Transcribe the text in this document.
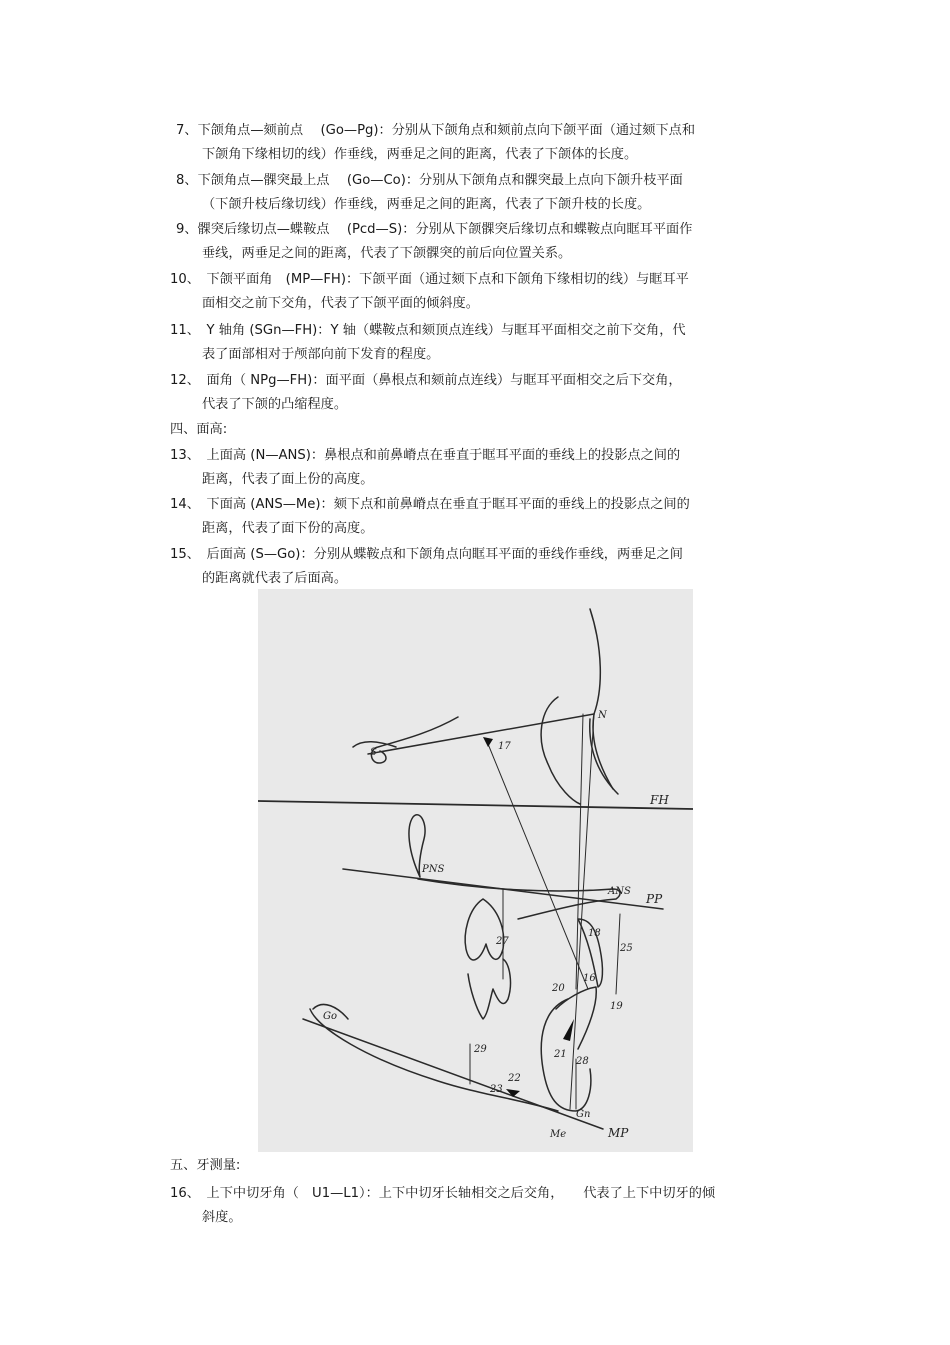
7、下颌角点—颏前点 　(Go—Pg)：分别从下颌角点和颏前点向下颌平面（通过颏下点和
下颌角下缘相切的线）作垂线，两垂足之间的距离，代表了下颌体的长度。
8、下颌角点—髁突最上点 　(Go—Co)：分别从下颌角点和髁突最上点向下颌升枝平面
（下颌升枝后缘切线）作垂线，两垂足之间的距离，代表了下颌升枝的长度。
9、髁突后缘切点—蝶鞍点 　(Pcd—S)：分别从下颌髁突后缘切点和蝶鞍点向眶耳平面作
垂线，两垂足之间的距离，代表了下颌髁突的前后向位置关系。
10、　下颌平面角　(MP—FH)：下颌平面（通过颏下点和下颌角下缘相切的线）与眶耳平
面相交之前下交角，代表了下颌平面的倾斜度。
11、　Y 轴角 (SGn—FH)：Y 轴（蝶鞍点和颏顶点连线）与眶耳平面相交之前下交角，代
表了面部相对于颅部向前下发育的程度。
12、　面角（ NPg—FH)：面平面（鼻根点和颏前点连线）与眶耳平面相交之后下交角，
代表了下颌的凸缩程度。
四、面高:
13、　上面高 (N—ANS)：鼻根点和前鼻嵴点在垂直于眶耳平面的垂线上的投影点之间的
距离，代表了面上份的高度。
14、　下面高 (ANS—Me)：颏下点和前鼻嵴点在垂直于眶耳平面的垂线上的投影点之间的
距离，代表了面下份的高度。
15、　后面高 (S—Go)：分别从蝶鞍点和下颌角点向眶耳平面的垂线作垂线，两垂足之间
的距离就代表了后面高。
N
S
17
FH
PNS
ANS
PP
18
25
27
16
20
19
Go
29	21
28
22
23
Gn
Me	MP
五、牙测量:
16、　上下中切牙角（　U1—L1）：上下中切牙长轴相交之后交角，　　代表了上下中切牙的倾
斜度。
